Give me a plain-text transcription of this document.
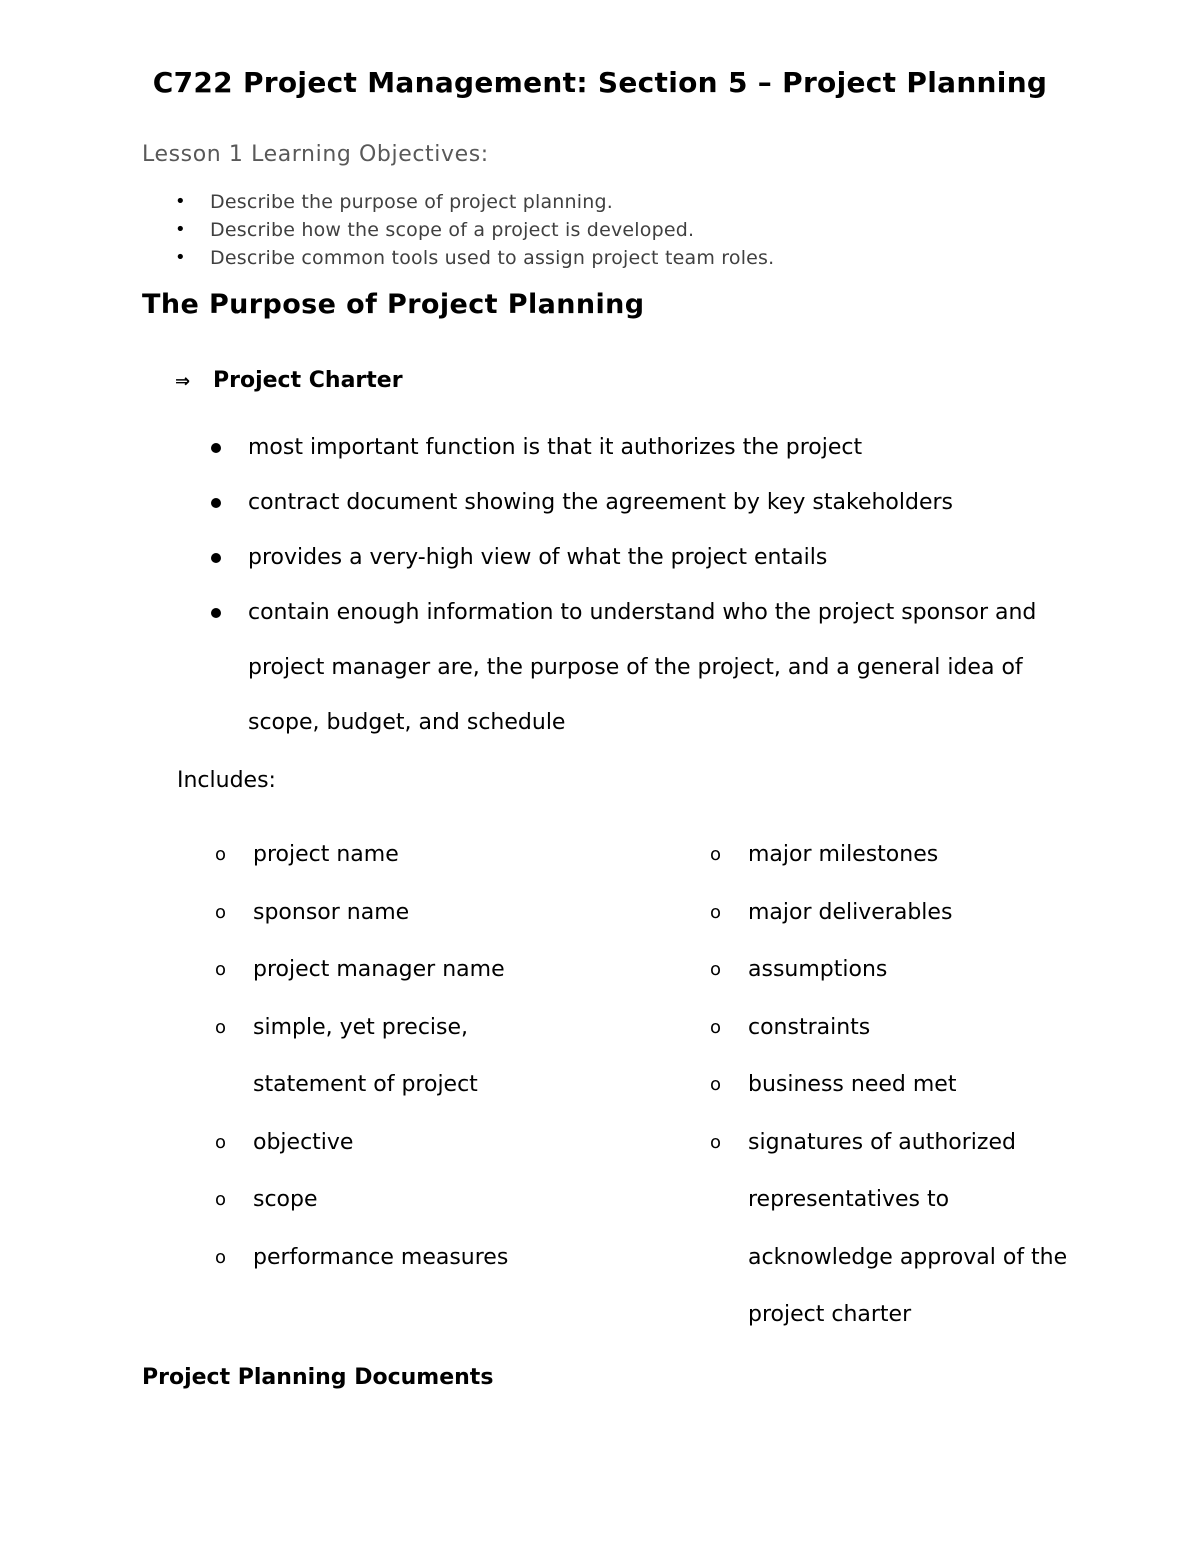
C722 Project Management: Section 5 – Project Planning
Lesson 1 Learning Objectives:
• Describe the purpose of project planning.
• Describe how the scope of a project is developed.
• Describe common tools used to assign project team roles.
The Purpose of Project Planning
⇒ Project Charter
most important function is that it authorizes the project
contract document showing the agreement by key stakeholders
provides a very-high view of what the project entails
contain enough information to understand who the project sponsor and project manager are, the purpose of the project, and a general idea of scope, budget, and schedule
Includes:
o project name
o sponsor name
o project manager name
o simple, yet precise, statement of project
o objective
o scope
o performance measures
o major milestones
o major deliverables
o assumptions
o constraints
o business need met
o signatures of authorized representatives to acknowledge approval of the project charter
Project Planning Documents
